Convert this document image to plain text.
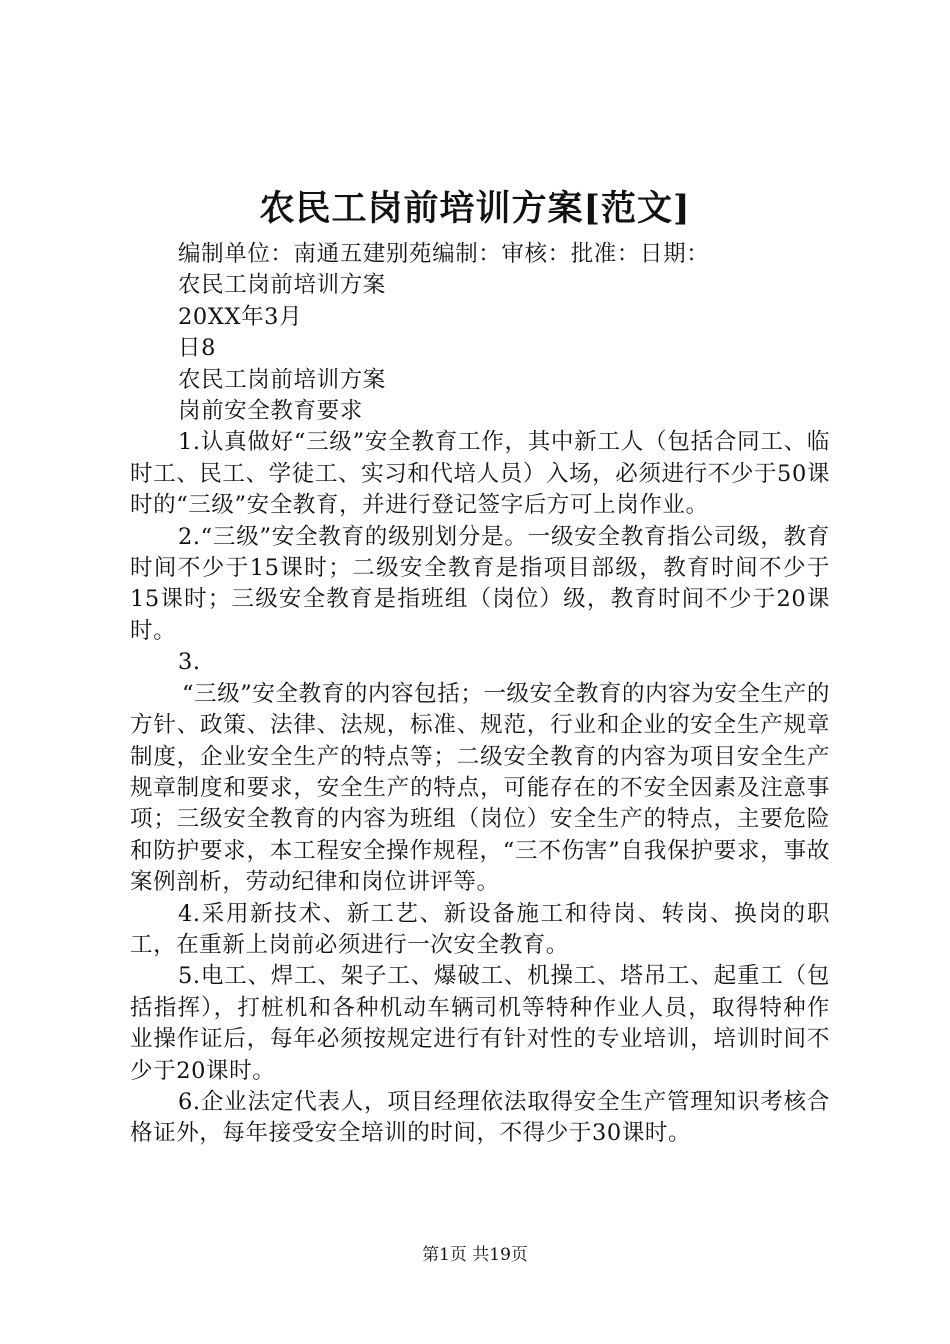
农民工岗前培训方案[范文]

编制单位：南通五建别苑编制：审核：批准：日期：

农民工岗前培训方案

20XX年3月

日8

农民工岗前培训方案

岗前安全教育要求

1.认真做好“三级”安全教育工作，其中新工人（包括合同工、临时工、民工、学徒工、实习和代培人员）入场，必须进行不少于50课时的“三级”安全教育，并进行登记签字后方可上岗作业。

2.“三级”安全教育的级别划分是。一级安全教育指公司级，教育时间不少于15课时；二级安全教育是指项目部级，教育时间不少于15课时；三级安全教育是指班组（岗位）级，教育时间不少于20课时。

3.

“三级”安全教育的内容包括；一级安全教育的内容为安全生产的方针、政策、法律、法规，标准、规范，行业和企业的安全生产规章制度，企业安全生产的特点等；二级安全教育的内容为项目安全生产规章制度和要求，安全生产的特点，可能存在的不安全因素及注意事项；三级安全教育的内容为班组（岗位）安全生产的特点，主要危险和防护要求，本工程安全操作规程，“三不伤害”自我保护要求，事故案例剖析，劳动纪律和岗位讲评等。

4.采用新技术、新工艺、新设备施工和待岗、转岗、换岗的职工，在重新上岗前必须进行一次安全教育。

5.电工、焊工、架子工、爆破工、机操工、塔吊工、起重工（包括指挥），打桩机和各种机动车辆司机等特种作业人员，取得特种作业操作证后，每年必须按规定进行有针对性的专业培训，培训时间不少于20课时。

6.企业法定代表人，项目经理依法取得安全生产管理知识考核合格证外，每年接受安全培训的时间，不得少于30课时。

第1页 共19页
